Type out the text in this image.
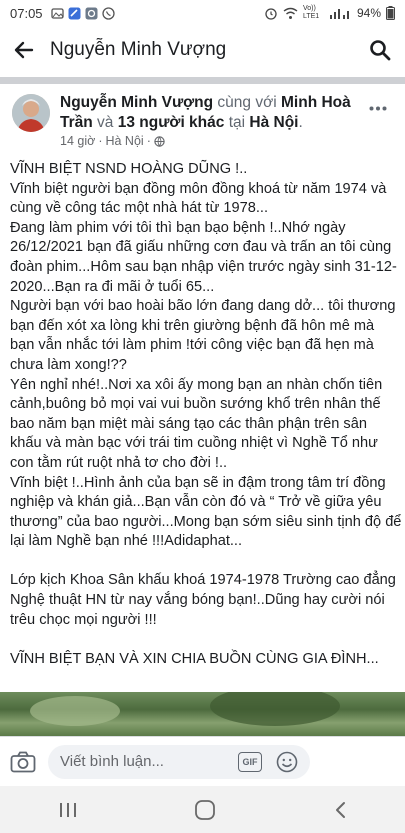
07:05	Vo)) LTE1	94%
Nguyễn Minh Vượng
Nguyễn Minh Vượng cùng với Minh Hoà Trần và 13 người khác tại Hà Nội.
14 giờ · Hà Nội ·

VĨNH BIỆT NSND HOÀNG DŨNG !..

Vĩnh biệt người bạn đồng môn đồng khoá từ năm 1974 và cùng về công tác một nhà hát từ 1978...

Đang làm phim với tôi thì bạn bạo bệnh !..Nhớ ngày 26/12/2021 bạn đã giấu những cơn đau và trấn an tôi cùng đoàn phim...Hôm sau bạn nhập viện trước ngày sinh 31-12-2020...Bạn ra đi mãi ở tuổi 65...

Người bạn với bao hoài bão lớn đang dang dở... tôi thương bạn đến xót xa lòng khi trên giường bệnh đã hôn mê mà bạn vẫn nhắc tới làm phim !tới công việc bạn đã hẹn mà chưa làm xong!??

Yên nghỉ nhé!..Nơi xa xôi ấy mong bạn an nhàn chốn tiên cảnh,buông bỏ mọi vai vui buồn sướng khổ trên nhân thế bao năm bạn miệt mài sáng tạo các thân phận trên sân khấu và màn bạc với trái tim cuồng nhiệt vì Nghề Tổ như con tằm rút ruột nhả tơ cho đời !..

Vĩnh biệt !..Hình ảnh của bạn sẽ in đậm trong tâm trí đồng nghiệp và khán giả...Bạn vẫn còn đó và “ Trở về giữa yêu thương” của bao người...Mong bạn sớm siêu sinh tịnh độ để lại làm Nghề bạn nhé !!!Adidaphat...

Lớp kịch Khoa Sân khấu khoá 1974-1978 Trường cao đẳng Nghệ thuật HN từ nay vắng bóng bạn!..Dũng hay cười nói trêu chọc mọi người !!!

VĨNH BIỆT BẠN VÀ XIN CHIA BUỒN CÙNG GIA ĐÌNH...

Viết bình luận...	GIF
